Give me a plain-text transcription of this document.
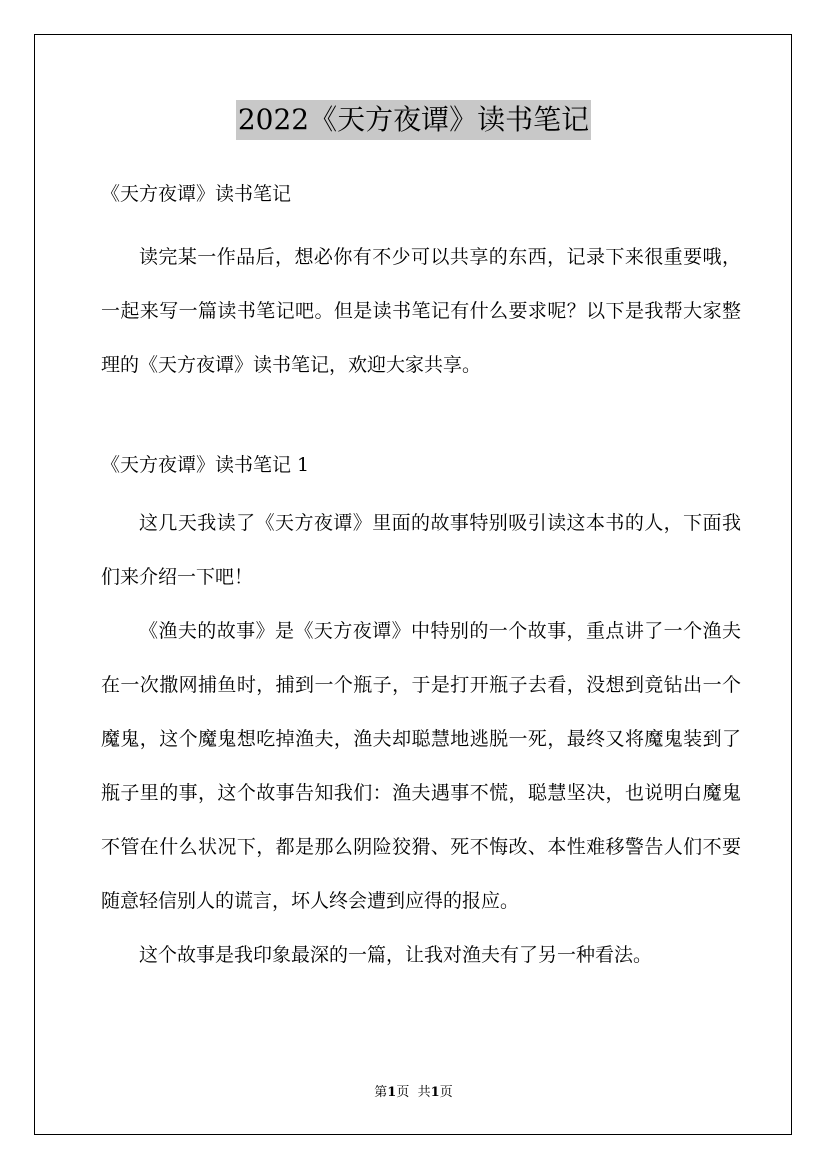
2022《天方夜谭》读书笔记

《天方夜谭》读书笔记

读完某一作品后，想必你有不少可以共享的东西，记录下来很重要哦，一起来写一篇读书笔记吧。但是读书笔记有什么要求呢？以下是我帮大家整理的《天方夜谭》读书笔记，欢迎大家共享。

《天方夜谭》读书笔记 1

这几天我读了《天方夜谭》里面的故事特别吸引读这本书的人，下面我们来介绍一下吧！

《渔夫的故事》是《天方夜谭》中特别的一个故事，重点讲了一个渔夫在一次撒网捕鱼时，捕到一个瓶子，于是打开瓶子去看，没想到竟钻出一个魔鬼，这个魔鬼想吃掉渔夫，渔夫却聪慧地逃脱一死，最终又将魔鬼装到了瓶子里的事，这个故事告知我们：渔夫遇事不慌，聪慧坚决，也说明白魔鬼不管在什么状况下，都是那么阴险狡猾、死不悔改、本性难移警告人们不要随意轻信别人的谎言，坏人终会遭到应得的报应。

这个故事是我印象最深的一篇，让我对渔夫有了另一种看法。

第1页 共1页
